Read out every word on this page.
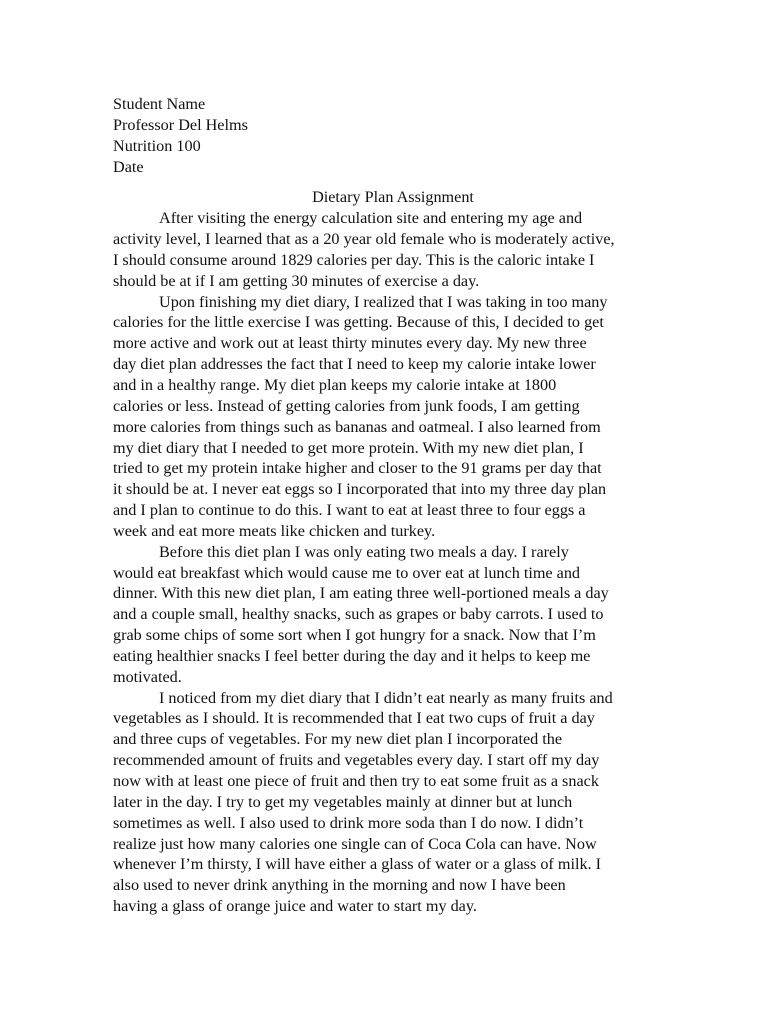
Student Name
Professor Del Helms
Nutrition 100
Date
Dietary Plan Assignment
After visiting the energy calculation site and entering my age and
activity level, I learned that as a 20 year old female who is moderately active,
I should consume around 1829 calories per day. This is the caloric intake I
should be at if I am getting 30 minutes of exercise a day.
Upon finishing my diet diary, I realized that I was taking in too many
calories for the little exercise I was getting. Because of this, I decided to get
more active and work out at least thirty minutes every day. My new three
day diet plan addresses the fact that I need to keep my calorie intake lower
and in a healthy range. My diet plan keeps my calorie intake at 1800
calories or less. Instead of getting calories from junk foods, I am getting
more calories from things such as bananas and oatmeal. I also learned from
my diet diary that I needed to get more protein. With my new diet plan, I
tried to get my protein intake higher and closer to the 91 grams per day that
it should be at. I never eat eggs so I incorporated that into my three day plan
and I plan to continue to do this. I want to eat at least three to four eggs a
week and eat more meats like chicken and turkey.
Before this diet plan I was only eating two meals a day. I rarely
would eat breakfast which would cause me to over eat at lunch time and
dinner. With this new diet plan, I am eating three well-portioned meals a day
and a couple small, healthy snacks, such as grapes or baby carrots. I used to
grab some chips of some sort when I got hungry for a snack. Now that I’m
eating healthier snacks I feel better during the day and it helps to keep me
motivated.
I noticed from my diet diary that I didn’t eat nearly as many fruits and
vegetables as I should. It is recommended that I eat two cups of fruit a day
and three cups of vegetables. For my new diet plan I incorporated the
recommended amount of fruits and vegetables every day. I start off my day
now with at least one piece of fruit and then try to eat some fruit as a snack
later in the day. I try to get my vegetables mainly at dinner but at lunch
sometimes as well. I also used to drink more soda than I do now. I didn’t
realize just how many calories one single can of Coca Cola can have. Now
whenever I’m thirsty, I will have either a glass of water or a glass of milk. I
also used to never drink anything in the morning and now I have been
having a glass of orange juice and water to start my day.
